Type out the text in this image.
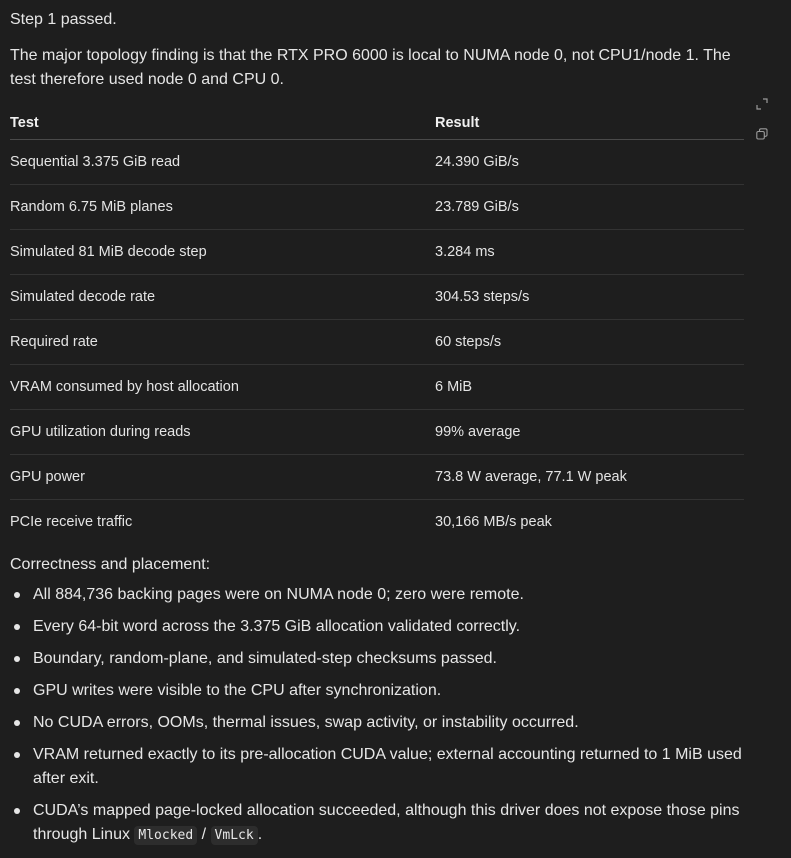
Step 1 passed.

The major topology finding is that the RTX PRO 6000 is local to NUMA node 0, not CPU1/node 1. The test therefore used node 0 and CPU 0.

Test	Result
Sequential 3.375 GiB read	24.390 GiB/s
Random 6.75 MiB planes	23.789 GiB/s
Simulated 81 MiB decode step	3.284 ms
Simulated decode rate	304.53 steps/s
Required rate	60 steps/s
VRAM consumed by host allocation	6 MiB
GPU utilization during reads	99% average
GPU power	73.8 W average, 77.1 W peak
PCIe receive traffic	30,166 MB/s peak

Correctness and placement:

All 884,736 backing pages were on NUMA node 0; zero were remote.
Every 64-bit word across the 3.375 GiB allocation validated correctly.
Boundary, random-plane, and simulated-step checksums passed.
GPU writes were visible to the CPU after synchronization.
No CUDA errors, OOMs, thermal issues, swap activity, or instability occurred.
VRAM returned exactly to its pre-allocation CUDA value; external accounting returned to 1 MiB used after exit.
CUDA’s mapped page-locked allocation succeeded, although this driver does not expose those pins through Linux Mlocked / VmLck .
